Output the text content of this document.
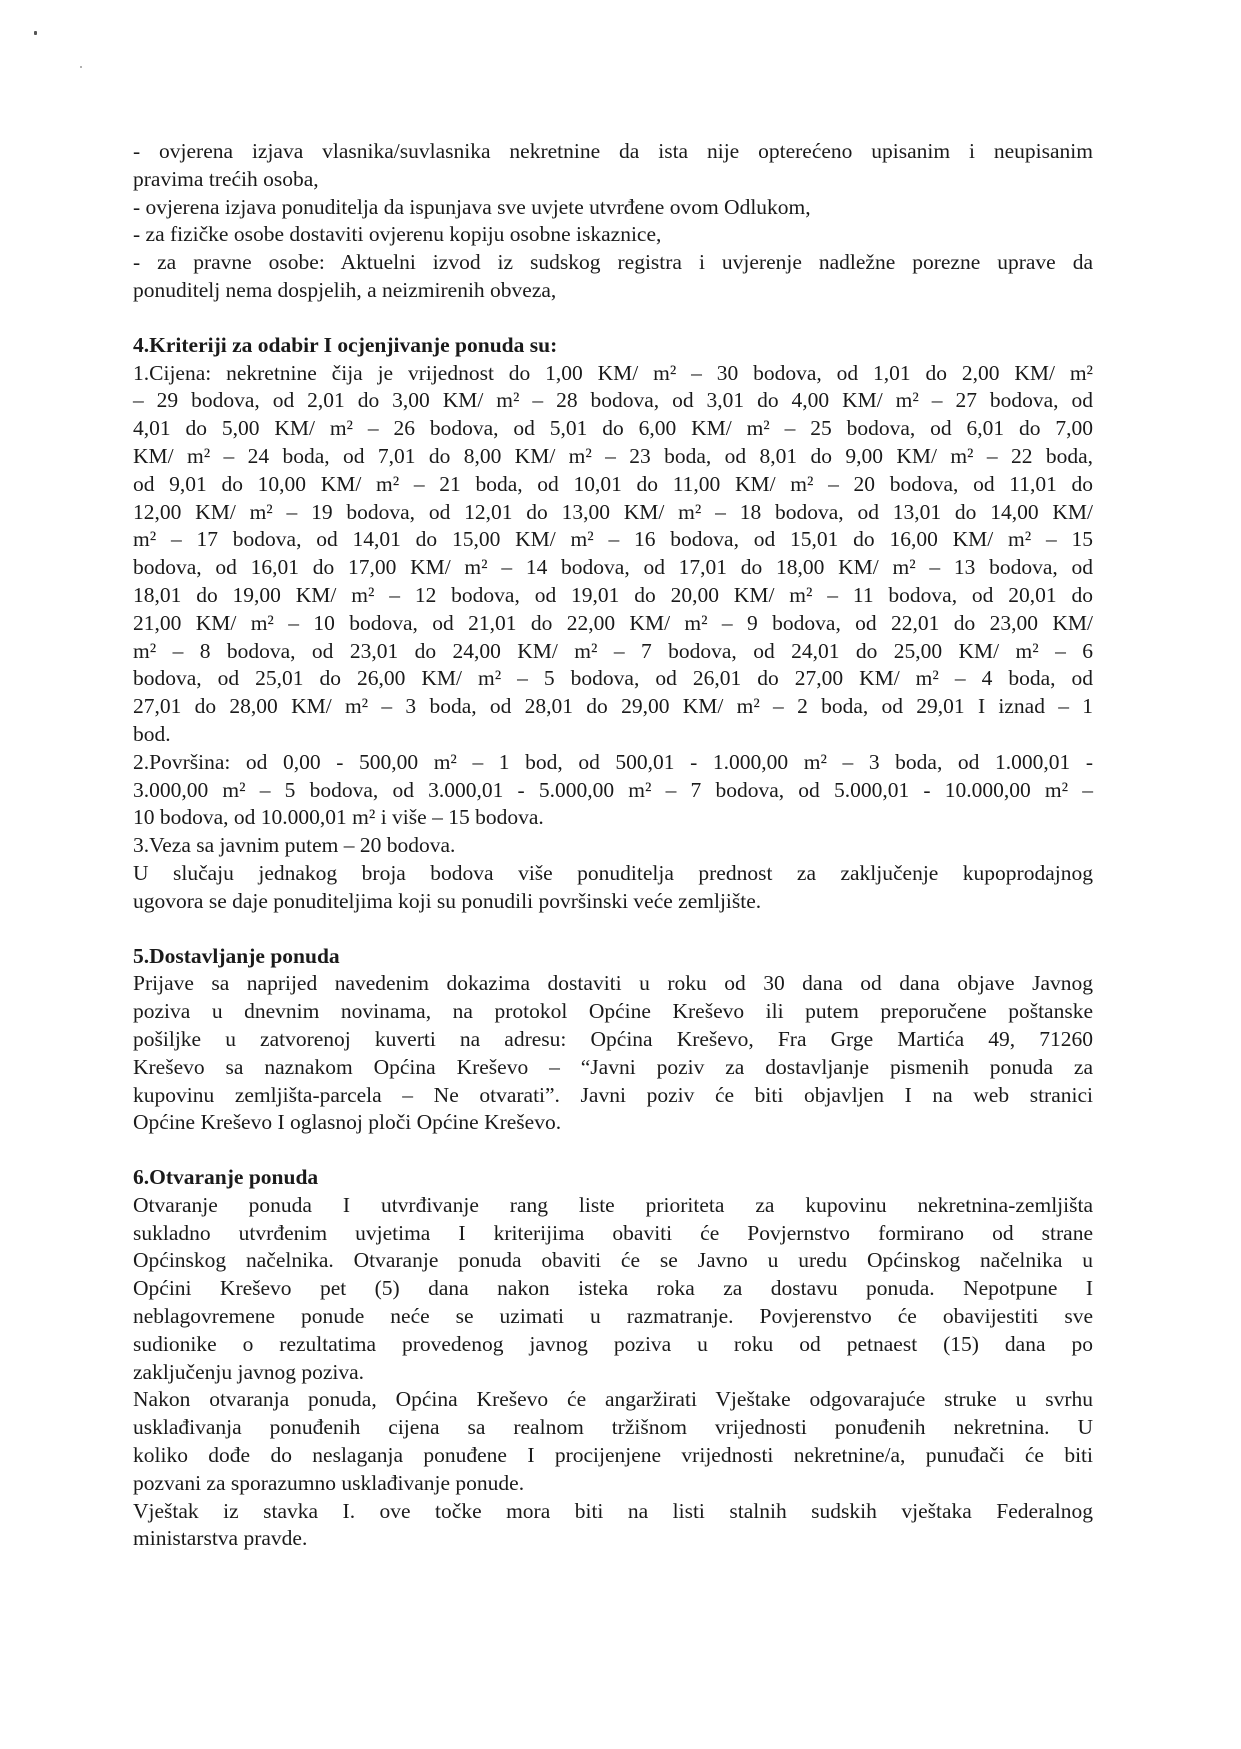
- ovjerena izjava vlasnika/suvlasnika nekretnine da ista nije opterećeno upisanim i neupisanim
pravima trećih osoba,
- ovjerena izjava ponuditelja da ispunjava sve uvjete utvrđene ovom Odlukom,
- za fizičke osobe dostaviti ovjerenu kopiju osobne iskaznice,
- za pravne osobe: Aktuelni izvod iz sudskog registra i uvjerenje nadležne porezne uprave da
ponuditelj nema dospjelih, a neizmirenih obveza,
4.Kriteriji za odabir I ocjenjivanje ponuda su:
1.Cijena: nekretnine čija je vrijednost do 1,00 KM/ m² – 30 bodova, od 1,01 do 2,00 KM/ m²
– 29 bodova, od 2,01 do 3,00 KM/ m² – 28 bodova, od 3,01 do 4,00 KM/ m² – 27 bodova, od
4,01 do 5,00 KM/ m² – 26 bodova, od 5,01 do 6,00 KM/ m² – 25 bodova, od 6,01 do 7,00
KM/ m² – 24 boda, od 7,01 do 8,00 KM/ m² – 23 boda, od 8,01 do 9,00 KM/ m² – 22 boda,
od 9,01 do 10,00 KM/ m² – 21 boda, od 10,01 do 11,00 KM/ m² – 20 bodova, od 11,01 do
12,00 KM/ m² – 19 bodova, od 12,01 do 13,00 KM/ m² – 18 bodova, od 13,01 do 14,00 KM/
m² – 17 bodova, od 14,01 do 15,00 KM/ m² – 16 bodova, od 15,01 do 16,00 KM/ m² – 15
bodova, od 16,01 do 17,00 KM/ m² – 14 bodova, od 17,01 do 18,00 KM/ m² – 13 bodova, od
18,01 do 19,00 KM/ m² – 12 bodova, od 19,01 do 20,00 KM/ m² – 11 bodova, od 20,01 do
21,00 KM/ m² – 10 bodova, od 21,01 do 22,00 KM/ m² – 9 bodova, od 22,01 do 23,00 KM/
m² – 8 bodova, od 23,01 do 24,00 KM/ m² – 7 bodova, od 24,01 do 25,00 KM/ m² – 6
bodova, od 25,01 do 26,00 KM/ m² – 5 bodova, od 26,01 do 27,00 KM/ m² – 4 boda, od
27,01 do 28,00 KM/ m² – 3 boda, od 28,01 do 29,00 KM/ m² – 2 boda, od 29,01 I iznad – 1
bod.
2.Površina: od 0,00 - 500,00 m² – 1 bod, od 500,01 - 1.000,00 m² – 3 boda, od 1.000,01 -
3.000,00 m² – 5 bodova, od 3.000,01 - 5.000,00 m² – 7 bodova, od 5.000,01 - 10.000,00 m² –
10 bodova, od 10.000,01 m² i više – 15 bodova.
3.Veza sa javnim putem – 20 bodova.
U slučaju jednakog broja bodova više ponuditelja prednost za zaključenje kupoprodajnog
ugovora se daje ponuditeljima koji su ponudili površinski veće zemljište.
5.Dostavljanje ponuda
Prijave sa naprijed navedenim dokazima dostaviti u roku od 30 dana od dana objave Javnog
poziva u dnevnim novinama, na protokol Općine Kreševo ili putem preporučene poštanske
pošiljke u zatvorenoj kuverti na adresu: Općina Kreševo, Fra Grge Martića 49, 71260
Kreševo sa naznakom Općina Kreševo – “Javni poziv za dostavljanje pismenih ponuda za
kupovinu zemljišta-parcela – Ne otvarati”. Javni poziv će biti objavljen I na web stranici
Općine Kreševo I oglasnoj ploči Općine Kreševo.
6.Otvaranje ponuda
Otvaranje ponuda I utvrđivanje rang liste prioriteta za kupovinu nekretnina-zemljišta
sukladno utvrđenim uvjetima I kriterijima obaviti će Povjernstvo formirano od strane
Općinskog načelnika. Otvaranje ponuda obaviti će se Javno u uredu Općinskog načelnika u
Općini Kreševo pet (5) dana nakon isteka roka za dostavu ponuda. Nepotpune I
neblagovremene ponude neće se uzimati u razmatranje. Povjerenstvo će obavijestiti sve
sudionike o rezultatima provedenog javnog poziva u roku od petnaest (15) dana po
zaključenju javnog poziva.
Nakon otvaranja ponuda, Općina Kreševo će angaržirati Vještake odgovarajuće struke u svrhu
usklađivanja ponuđenih cijena sa realnom tržišnom vrijednosti ponuđenih nekretnina. U
koliko dođe do neslaganja ponuđene I procijenjene vrijednosti nekretnine/a, punuđači će biti
pozvani za sporazumno usklađivanje ponude.
Vještak iz stavka I. ove točke mora biti na listi stalnih sudskih vještaka Federalnog
ministarstva pravde.
